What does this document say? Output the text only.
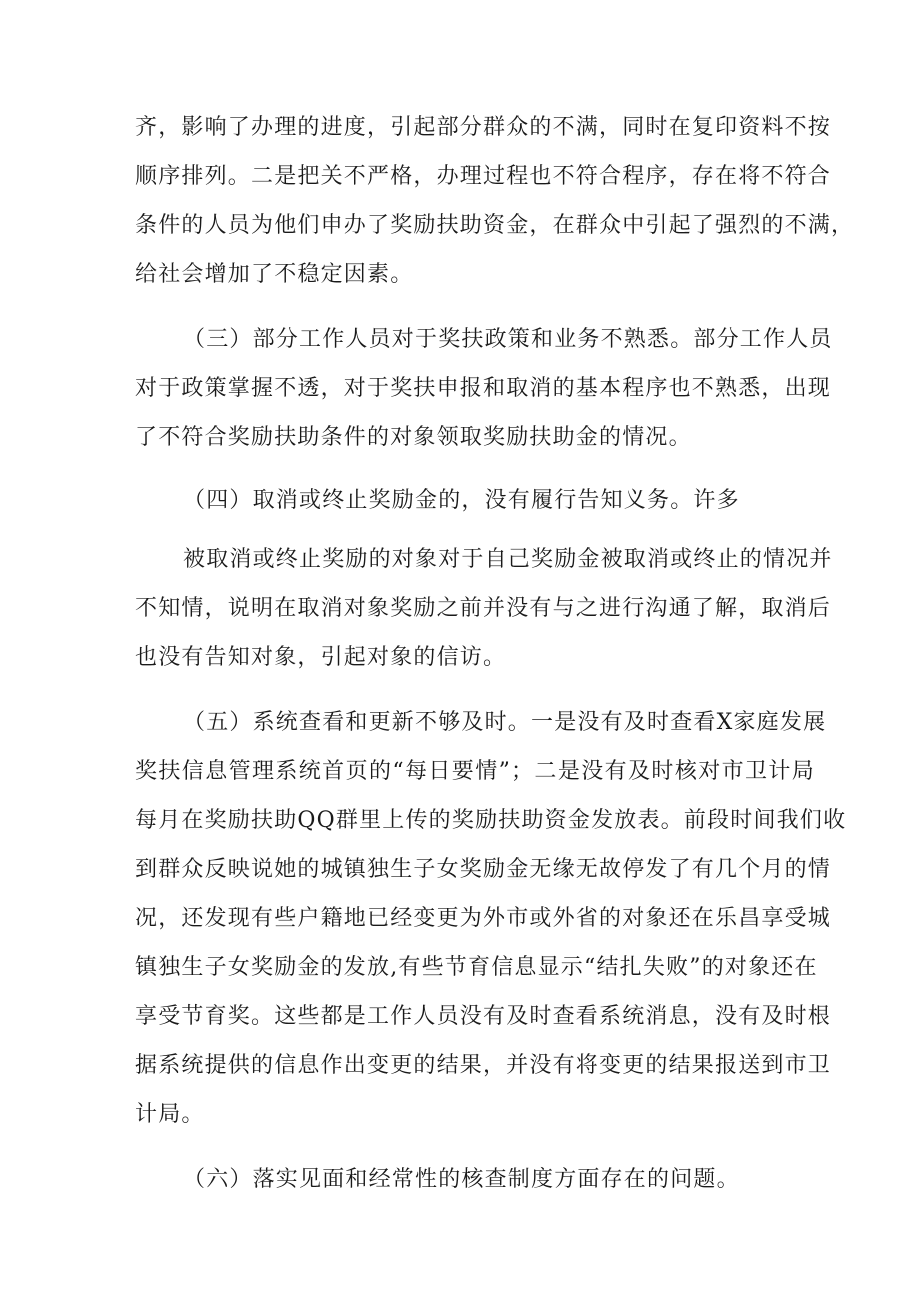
齐，影响了办理的进度，引起部分群众的不满，同时在复印资料不按
顺序排列。二是把关不严格，办理过程也不符合程序，存在将不符合
条件的人员为他们申办了奖励扶助资金，在群众中引起了强烈的不满，
给社会增加了不稳定因素。
（三）部分工作人员对于奖扶政策和业务不熟悉。部分工作人员
对于政策掌握不透，对于奖扶申报和取消的基本程序也不熟悉，出现
了不符合奖励扶助条件的对象领取奖励扶助金的情况。
（四）取消或终止奖励金的，没有履行告知义务。许多
被取消或终止奖励的对象对于自己奖励金被取消或终止的情况并
不知情，说明在取消对象奖励之前并没有与之进行沟通了解，取消后
也没有告知对象，引起对象的信访。
（五）系统查看和更新不够及时。一是没有及时查看X家庭发展
奖扶信息管理系统首页的“每日要情”；二是没有及时核对市卫计局
每月在奖励扶助QQ群里上传的奖励扶助资金发放表。前段时间我们收
到群众反映说她的城镇独生子女奖励金无缘无故停发了有几个月的情
况，还发现有些户籍地已经变更为外市或外省的对象还在乐昌享受城
镇独生子女奖励金的发放,有些节育信息显示“结扎失败”的对象还在
享受节育奖。这些都是工作人员没有及时查看系统消息，没有及时根
据系统提供的信息作出变更的结果，并没有将变更的结果报送到市卫
计局。
（六）落实见面和经常性的核查制度方面存在的问题。
